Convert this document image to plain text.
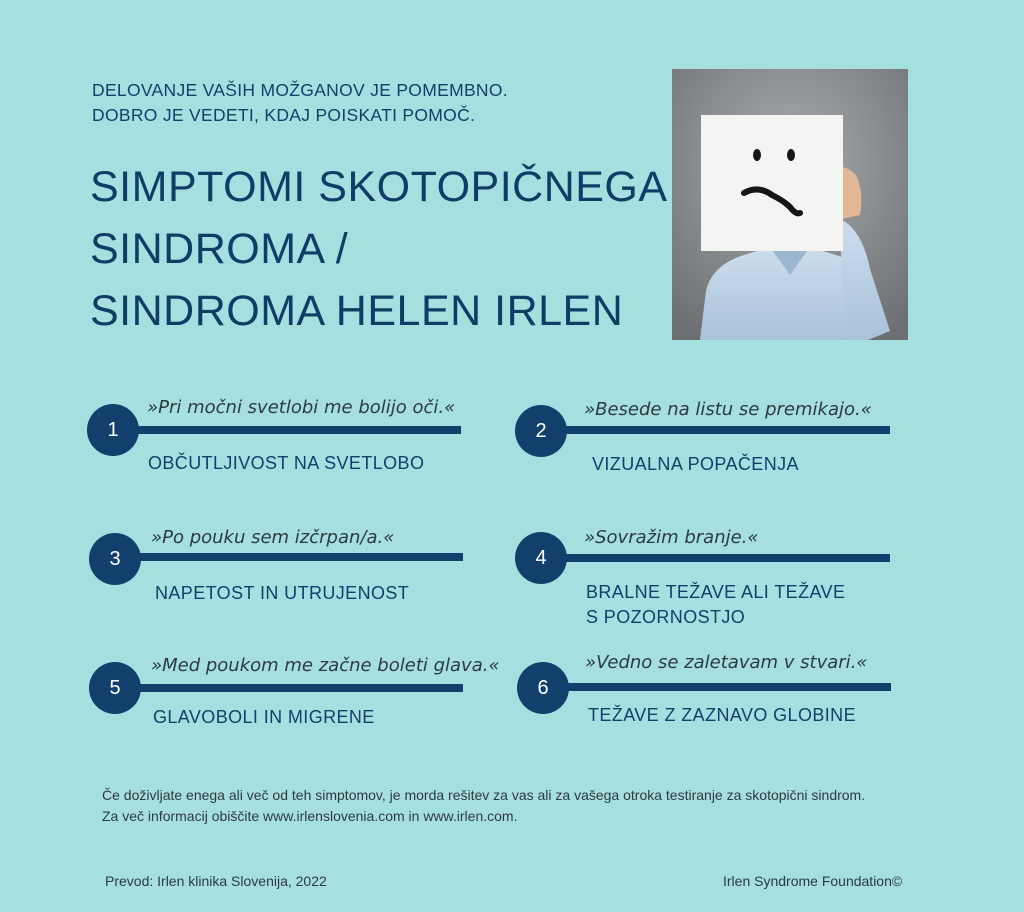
DELOVANJE VAŠIH MOŽGANOV JE POMEMBNO.
DOBRO JE VEDETI, KDAJ POISKATI POMOČ.
SIMPTOMI SKOTOPIČNEGA
SINDROMA /
SINDROMA HELEN IRLEN
»Pri močni svetlobi me bolijo oči.«
1
OBČUTLJIVOST NA SVETLOBO
»Besede na listu se premikajo.«
2
VIZUALNA POPAČENJA
»Po pouku sem izčrpan/a.«
3
NAPETOST IN UTRUJENOST
»Sovražim branje.«
4
BRALNE TEŽAVE ALI TEŽAVE
S POZORNOSTJO
»Med poukom me začne boleti glava.«
5
GLAVOBOLI IN MIGRENE
»Vedno se zaletavam v stvari.«
6
TEŽAVE Z ZAZNAVO GLOBINE
Če doživljate enega ali več od teh simptomov, je morda rešitev za vas ali za vašega otroka testiranje za skotopični sindrom.
Za več informacij obiščite www.irlenslovenia.com in www.irlen.com.
Prevod: Irlen klinika Slovenija, 2022	Irlen Syndrome Foundation©
